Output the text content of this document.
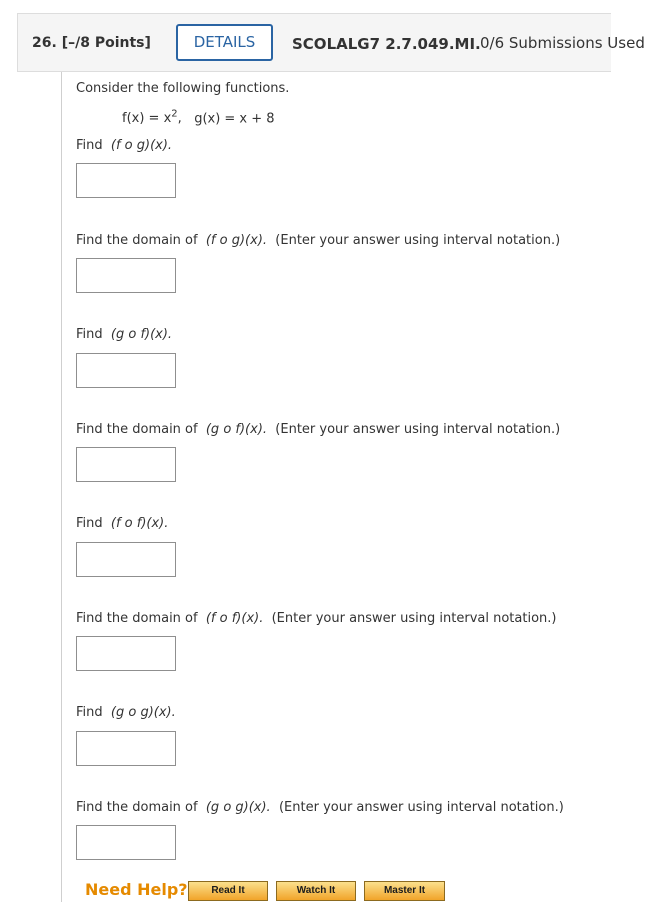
26. [–/8 Points]	DETAILS	SCOLALG7 2.7.049.MI. 0/6 Submissions Used
Consider the following functions.
$f(x) = x^2$, g(x) = x + 8
Find (f o g)(x).
Find the domain of (f o g)(x). (Enter your answer using interval notation.)
Find (g o f)(x).
Find the domain of (g o f)(x). (Enter your answer using interval notation.)
Find (f o f)(x).
Find the domain of (f o f)(x). (Enter your answer using interval notation.)
Find (g o g)(x).
Find the domain of (g o g)(x). (Enter your answer using interval notation.)
Need Help?	Read It	Watch It	Master It
